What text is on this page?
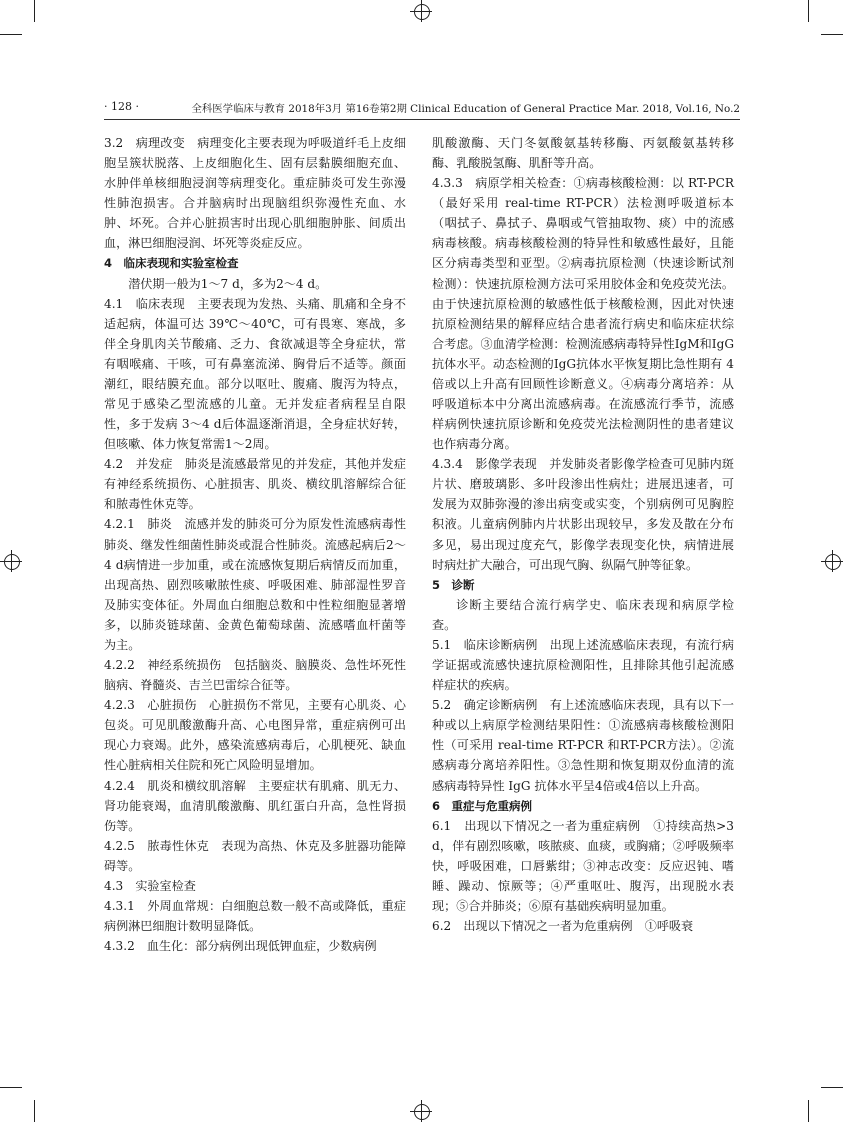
· 128 ·	全科医学临床与教育 2018年3月 第16卷第2期 Clinical Education of General Practice Mar. 2018, Vol.16, No.2

3.2　病理改变　病理变化主要表现为呼吸道纤毛上皮细胞呈簇状脱落、上皮细胞化生、固有层黏膜细胞充血、水肿伴单核细胞浸润等病理变化。重症肺炎可发生弥漫性肺泡损害。合并脑病时出现脑组织弥漫性充血、水肿、坏死。合并心脏损害时出现心肌细胞肿胀、间质出血，淋巴细胞浸润、坏死等炎症反应。

4　临床表现和实验室检查

潜伏期一般为1～7 d，多为2～4 d。

4.1　临床表现　主要表现为发热、头痛、肌痛和全身不适起病，体温可达 39℃～40℃，可有畏寒、寒战，多伴全身肌肉关节酸痛、乏力、食欲减退等全身症状，常有咽喉痛、干咳，可有鼻塞流涕、胸骨后不适等。颜面潮红，眼结膜充血。部分以呕吐、腹痛、腹泻为特点，常见于感染乙型流感的儿童。无并发症者病程呈自限性，多于发病 3～4 d后体温逐渐消退，全身症状好转，但咳嗽、体力恢复常需1～2周。

4.2　并发症　肺炎是流感最常见的并发症，其他并发症有神经系统损伤、心脏损害、肌炎、横纹肌溶解综合征和脓毒性休克等。

4.2.1　肺炎　流感并发的肺炎可分为原发性流感病毒性肺炎、继发性细菌性肺炎或混合性肺炎。流感起病后2～4 d病情进一步加重，或在流感恢复期后病情反而加重，出现高热、剧烈咳嗽脓性痰、呼吸困难、肺部湿性罗音及肺实变体征。外周血白细胞总数和中性粒细胞显著增多，以肺炎链球菌、金黄色葡萄球菌、流感嗜血杆菌等为主。

4.2.2　神经系统损伤　包括脑炎、脑膜炎、急性坏死性脑病、脊髓炎、吉兰巴雷综合征等。

4.2.3　心脏损伤　心脏损伤不常见，主要有心肌炎、心包炎。可见肌酸激酶升高、心电图异常，重症病例可出现心力衰竭。此外，感染流感病毒后，心肌梗死、缺血性心脏病相关住院和死亡风险明显增加。

4.2.4　肌炎和横纹肌溶解　主要症状有肌痛、肌无力、肾功能衰竭，血清肌酸激酶、肌红蛋白升高，急性肾损伤等。

4.2.5　脓毒性休克　表现为高热、休克及多脏器功能障碍等。

4.3　实验室检查

4.3.1　外周血常规：白细胞总数一般不高或降低，重症病例淋巴细胞计数明显降低。

4.3.2　血生化：部分病例出现低钾血症，少数病例

肌酸激酶、天门冬氨酸氨基转移酶、丙氨酸氨基转移酶、乳酸脱氢酶、肌酐等升高。

4.3.3　病原学相关检查：①病毒核酸检测：以 RT-PCR（最好采用 real-time RT-PCR）法检测呼吸道标本（咽拭子、鼻拭子、鼻咽或气管抽取物、痰）中的流感病毒核酸。病毒核酸检测的特异性和敏感性最好，且能区分病毒类型和亚型。②病毒抗原检测（快速诊断试剂检测）：快速抗原检测方法可采用胶体金和免疫荧光法。由于快速抗原检测的敏感性低于核酸检测，因此对快速抗原检测结果的解释应结合患者流行病史和临床症状综合考虑。③血清学检测：检测流感病毒特异性IgM和IgG抗体水平。动态检测的IgG抗体水平恢复期比急性期有 4倍或以上升高有回顾性诊断意义。④病毒分离培养：从呼吸道标本中分离出流感病毒。在流感流行季节，流感样病例快速抗原诊断和免疫荧光法检测阴性的患者建议也作病毒分离。

4.3.4　影像学表现　并发肺炎者影像学检查可见肺内斑片状、磨玻璃影、多叶段渗出性病灶；进展迅速者，可发展为双肺弥漫的渗出病变或实变，个别病例可见胸腔积液。儿童病例肺内片状影出现较早，多发及散在分布多见，易出现过度充气，影像学表现变化快，病情进展时病灶扩大融合，可出现气胸、纵隔气肿等征象。

5　诊断

诊断主要结合流行病学史、临床表现和病原学检查。

5.1　临床诊断病例　出现上述流感临床表现，有流行病学证据或流感快速抗原检测阳性，且排除其他引起流感样症状的疾病。

5.2　确定诊断病例　有上述流感临床表现，具有以下一种或以上病原学检测结果阳性：①流感病毒核酸检测阳性（可采用 real-time RT-PCR 和RT-PCR方法）。②流感病毒分离培养阳性。③急性期和恢复期双份血清的流感病毒特异性 IgG 抗体水平呈4倍或4倍以上升高。

6　重症与危重病例

6.1　出现以下情况之一者为重症病例　①持续高热>3 d，伴有剧烈咳嗽，咳脓痰、血痰，或胸痛；②呼吸频率快，呼吸困难，口唇紫绀；③神志改变：反应迟钝、嗜睡、躁动、惊厥等；④严重呕吐、腹泻，出现脱水表现；⑤合并肺炎；⑥原有基础疾病明显加重。

6.2　出现以下情况之一者为危重病例　①呼吸衰
